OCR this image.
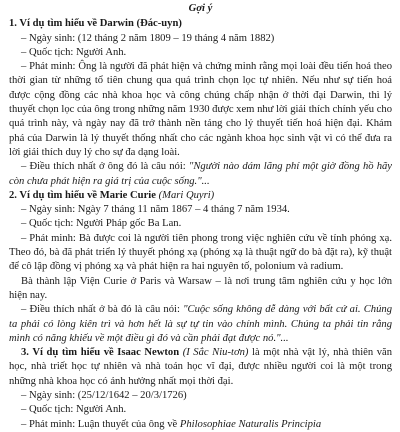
Gợi ý

1. Ví dụ tìm hiểu về Darwin (Đác-uyn)

– Ngày sinh: (12 tháng 2 năm 1809 – 19 tháng 4 năm 1882)

– Quốc tịch: Người Anh.

– Phát minh: Ông là người đã phát hiện và chứng minh rằng mọi loài đều tiến hoá theo thời gian từ những tổ tiên chung qua quá trình chọn lọc tự nhiên. Nếu như sự tiến hoá được cộng đồng các nhà khoa học và công chúng chấp nhận ở thời đại Darwin, thì lý thuyết chọn lọc của ông trong những năm 1930 được xem như lời giải thích chính yếu cho quá trình này, và ngày nay đã trở thành nền tảng cho lý thuyết tiến hoá hiện đại. Khám phá của Darwin là lý thuyết thống nhất cho các ngành khoa học sinh vật vì có thể đưa ra lời giải thích duy lý cho sự đa dạng loài.

– Điều thích nhất ở ông đó là câu nói: "Người nào dám lãng phí một giờ đồng hồ hãy còn chưa phát hiện ra giá trị của cuộc sống."...

2. Ví dụ tìm hiểu về Marie Curie (Mari Quyri)

– Ngày sinh: Ngày 7 tháng 11 năm 1867 – 4 tháng 7 năm 1934.

– Quốc tịch: Người Pháp gốc Ba Lan.

– Phát minh: Bà được coi là người tiên phong trong việc nghiên cứu về tính phóng xạ. Theo đó, bà đã phát triển lý thuyết phóng xạ (phóng xạ là thuật ngữ do bà đặt ra), kỹ thuật để cô lập đồng vị phóng xạ và phát hiện ra hai nguyên tố, polonium và radium.

Bà thành lập Viện Curie ở Paris và Warsaw – là nơi trung tâm nghiên cứu y học lớn hiện nay.

– Điều thích nhất ở bà đó là câu nói: "Cuộc sống không dễ dàng với bất cứ ai. Chúng ta phải có lòng kiên trì và hơn hết là sự tự tin vào chính mình. Chúng ta phải tin rằng mình có năng khiếu về một điều gì đó và cần phải đạt được nó."...

3. Ví dụ tìm hiểu về Isaac Newton (I Sắc Niu-tơn) là một nhà vật lý, nhà thiên văn học, nhà triết học tự nhiên và nhà toán học vĩ đại, được nhiều người coi là một trong những nhà khoa học có ảnh hưởng nhất mọi thời đại.

– Ngày sinh: (25/12/1642 – 20/3/1726)

– Quốc tịch: Người Anh.

– Phát minh: Luận thuyết của ông về Philosophiae Naturalis Principia
